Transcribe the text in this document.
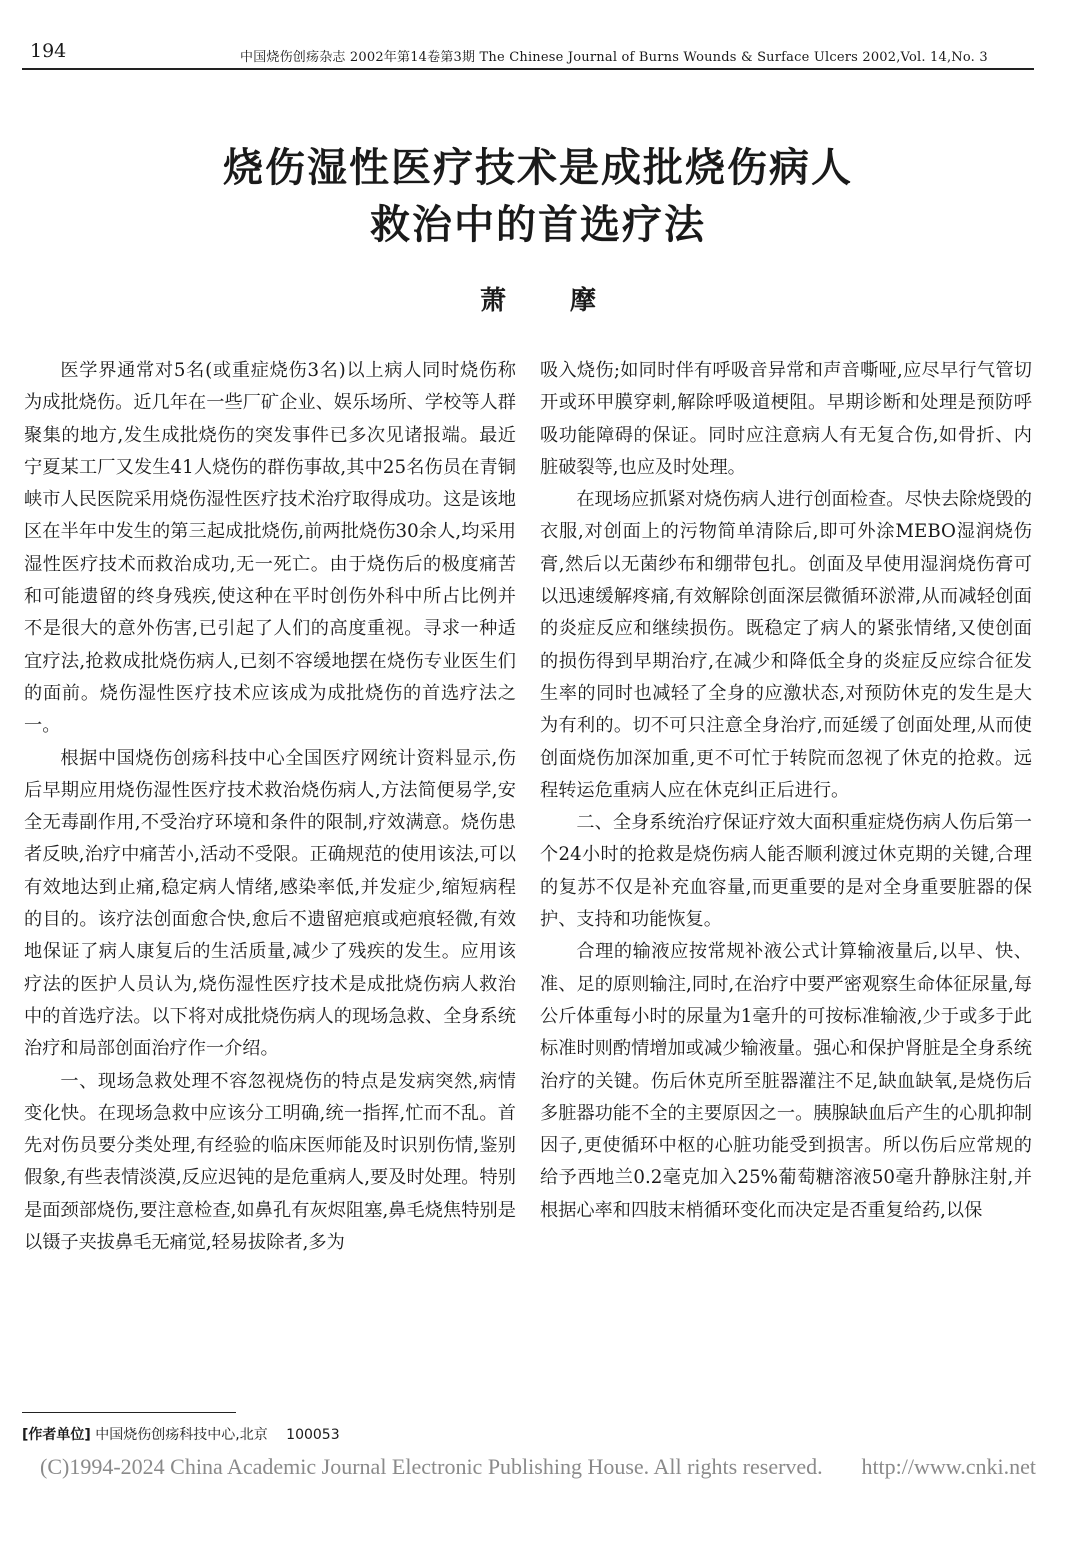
194	中国烧伤创疡杂志 2002年第14卷第3期 The Chinese Journal of Burns Wounds & Surface Ulcers 2002,Vol. 14,No. 3
烧伤湿性医疗技术是成批烧伤病人
救治中的首选疗法
萧摩

医学界通常对5名(或重症烧伤3名)以上病人同时烧伤称为成批烧伤。近几年在一些厂矿企业、娱乐场所、学校等人群聚集的地方,发生成批烧伤的突发事件已多次见诸报端。最近宁夏某工厂又发生41人烧伤的群伤事故,其中25名伤员在青铜峡市人民医院采用烧伤湿性医疗技术治疗取得成功。这是该地区在半年中发生的第三起成批烧伤,前两批烧伤30余人,均采用湿性医疗技术而救治成功,无一死亡。由于烧伤后的极度痛苦和可能遗留的终身残疾,使这种在平时创伤外科中所占比例并不是很大的意外伤害,已引起了人们的高度重视。寻求一种适宜疗法,抢救成批烧伤病人,已刻不容缓地摆在烧伤专业医生们的面前。烧伤湿性医疗技术应该成为成批烧伤的首选疗法之一。

根据中国烧伤创疡科技中心全国医疗网统计资料显示,伤后早期应用烧伤湿性医疗技术救治烧伤病人,方法简便易学,安全无毒副作用,不受治疗环境和条件的限制,疗效满意。烧伤患者反映,治疗中痛苦小,活动不受限。正确规范的使用该法,可以有效地达到止痛,稳定病人情绪,感染率低,并发症少,缩短病程的目的。该疗法创面愈合快,愈后不遗留疤痕或疤痕轻微,有效地保证了病人康复后的生活质量,减少了残疾的发生。应用该疗法的医护人员认为,烧伤湿性医疗技术是成批烧伤病人救治中的首选疗法。以下将对成批烧伤病人的现场急救、全身系统治疗和局部创面治疗作一介绍。

一、现场急救处理不容忽视烧伤的特点是发病突然,病情变化快。在现场急救中应该分工明确,统一指挥,忙而不乱。首先对伤员要分类处理,有经验的临床医师能及时识别伤情,鉴别假象,有些表情淡漠,反应迟钝的是危重病人,要及时处理。特别是面颈部烧伤,要注意检查,如鼻孔有灰烬阻塞,鼻毛烧焦特别是以镊子夹拔鼻毛无痛觉,轻易拔除者,多为

吸入烧伤;如同时伴有呼吸音异常和声音嘶哑,应尽早行气管切开或环甲膜穿刺,解除呼吸道梗阻。早期诊断和处理是预防呼吸功能障碍的保证。同时应注意病人有无复合伤,如骨折、内脏破裂等,也应及时处理。

在现场应抓紧对烧伤病人进行创面检查。尽快去除烧毁的衣服,对创面上的污物简单清除后,即可外涂MEBO湿润烧伤膏,然后以无菌纱布和绷带包扎。创面及早使用湿润烧伤膏可以迅速缓解疼痛,有效解除创面深层微循环淤滞,从而减轻创面的炎症反应和继续损伤。既稳定了病人的紧张情绪,又使创面的损伤得到早期治疗,在减少和降低全身的炎症反应综合征发生率的同时也减轻了全身的应激状态,对预防休克的发生是大为有利的。切不可只注意全身治疗,而延缓了创面处理,从而使创面烧伤加深加重,更不可忙于转院而忽视了休克的抢救。远程转运危重病人应在休克纠正后进行。

二、全身系统治疗保证疗效大面积重症烧伤病人伤后第一个24小时的抢救是烧伤病人能否顺利渡过休克期的关键,合理的复苏不仅是补充血容量,而更重要的是对全身重要脏器的保护、支持和功能恢复。

合理的输液应按常规补液公式计算输液量后,以早、快、准、足的原则输注,同时,在治疗中要严密观察生命体征尿量,每公斤体重每小时的尿量为1毫升的可按标准输液,少于或多于此标准时则酌情增加或减少输液量。强心和保护肾脏是全身系统治疗的关键。伤后休克所至脏器灌注不足,缺血缺氧,是烧伤后多脏器功能不全的主要原因之一。胰腺缺血后产生的心肌抑制因子,更使循环中枢的心脏功能受到损害。所以伤后应常规的给予西地兰0.2毫克加入25%葡萄糖溶液50毫升静脉注射,并根据心率和四肢末梢循环变化而决定是否重复给药,以保

[作者单位] 中国烧伤创疡科技中心,北京 100053
(C)1994-2024 China Academic Journal Electronic Publishing House. All rights reserved. http://www.cnki.net
